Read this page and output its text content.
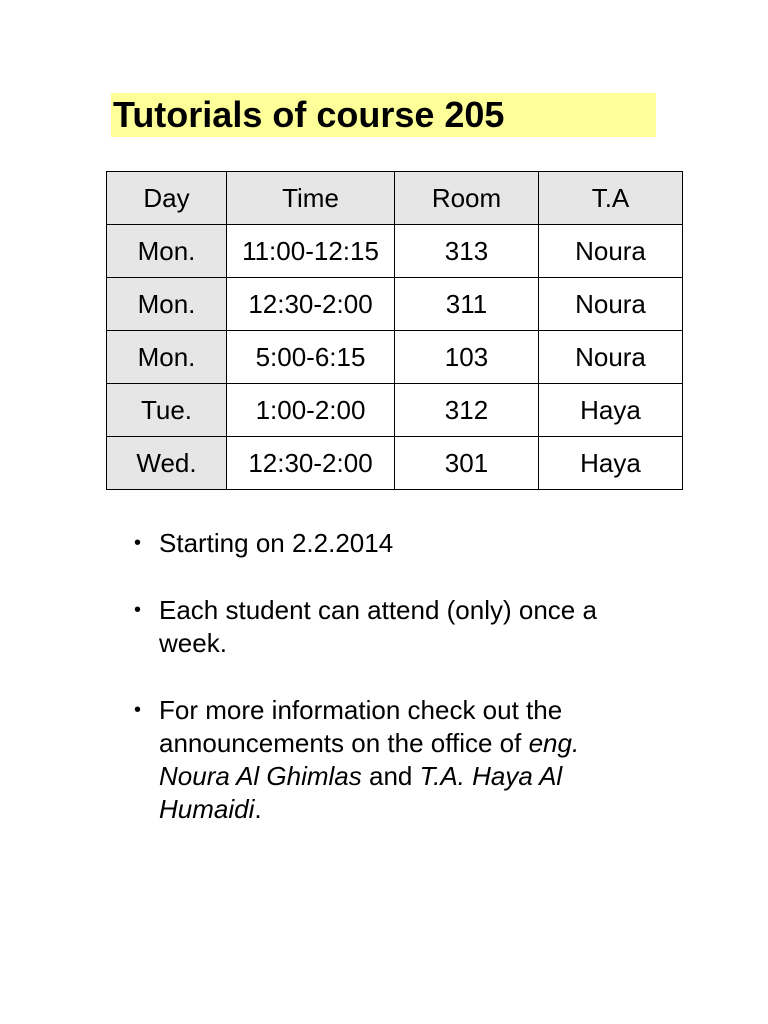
Tutorials of course 205
Day	Time	Room	T.A
Mon.	11:00-12:15	313	Noura
Mon.	12:30-2:00	311	Noura
Mon.	5:00-6:15	103	Noura
Tue.	1:00-2:00	312	Haya
Wed.	12:30-2:00	301	Haya
• Starting on 2.2.2014
• Each student can attend (only) once a week.
• For more information check out the announcements on the office of eng. Noura Al Ghimlas and T.A. Haya Al Humaidi.
